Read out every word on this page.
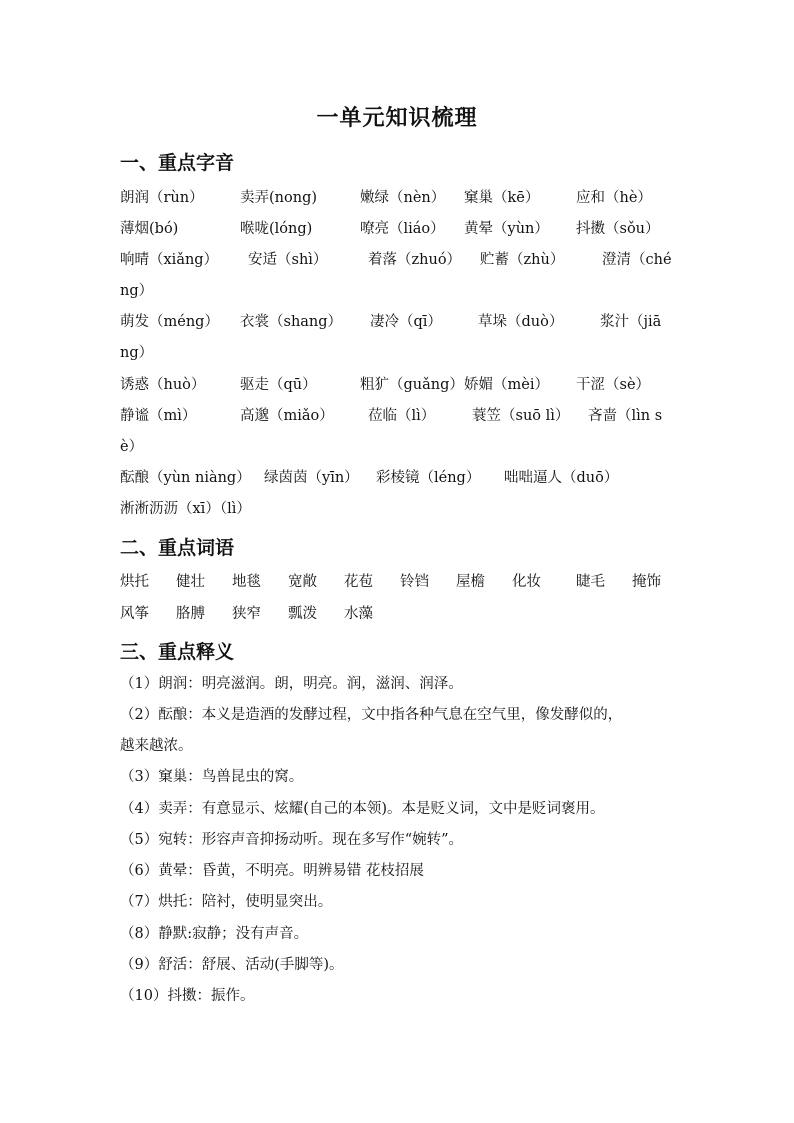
一单元知识梳理
一、重点字音
朗润（rùn）	卖弄(nong)	嫩绿（nèn） 窠巢（kē）	应和（hè）
薄烟(bó)	喉咙(lóng)	嘹亮（liáo） 黄晕（yùn） 抖擞（sǒu）
响晴（xiǎng） 安适（shì）	着落（zhuó） 贮蓄（zhù）	澄清（ché
ng）
萌发（méng） 衣裳（shang） 凄冷（qī） 草垛（duò）	浆汁（jiā
ng）
诱惑（huò） 驱走（qū）	粗犷（guǎng） 娇媚（mèi） 干涩（sè）
静谧（mì）	高邈（miǎo） 莅临（lì）	蓑笠（suō lì） 吝啬（lìn s
è）
酝酿（yùn niàng） 绿茵茵（yīn） 彩棱镜（léng） 咄咄逼人（duō）
淅淅沥沥（xī）（lì）
二、重点词语
烘托 健壮 地毯 宽敞 花苞 铃铛 屋檐 化妆 睫毛 掩饰
风筝 胳膊 狭窄 瓢泼 水藻
三、重点释义
（1）朗润：明亮滋润。朗，明亮。润，滋润、润泽。
（2）酝酿：本义是造酒的发酵过程，文中指各种气息在空气里，像发酵似的，
越来越浓。
（3）窠巢：鸟兽昆虫的窝。
（4）卖弄：有意显示、炫耀(自己的本领)。本是贬义词，文中是贬词褒用。
（5）宛转：形容声音抑扬动听。现在多写作“婉转”。
（6）黄晕：昏黄，不明亮。明辨易错 花枝招展
（7）烘托：陪衬，使明显突出。
（8）静默:寂静；没有声音。
（9）舒活：舒展、活动(手脚等)。
（10）抖擞：振作。
